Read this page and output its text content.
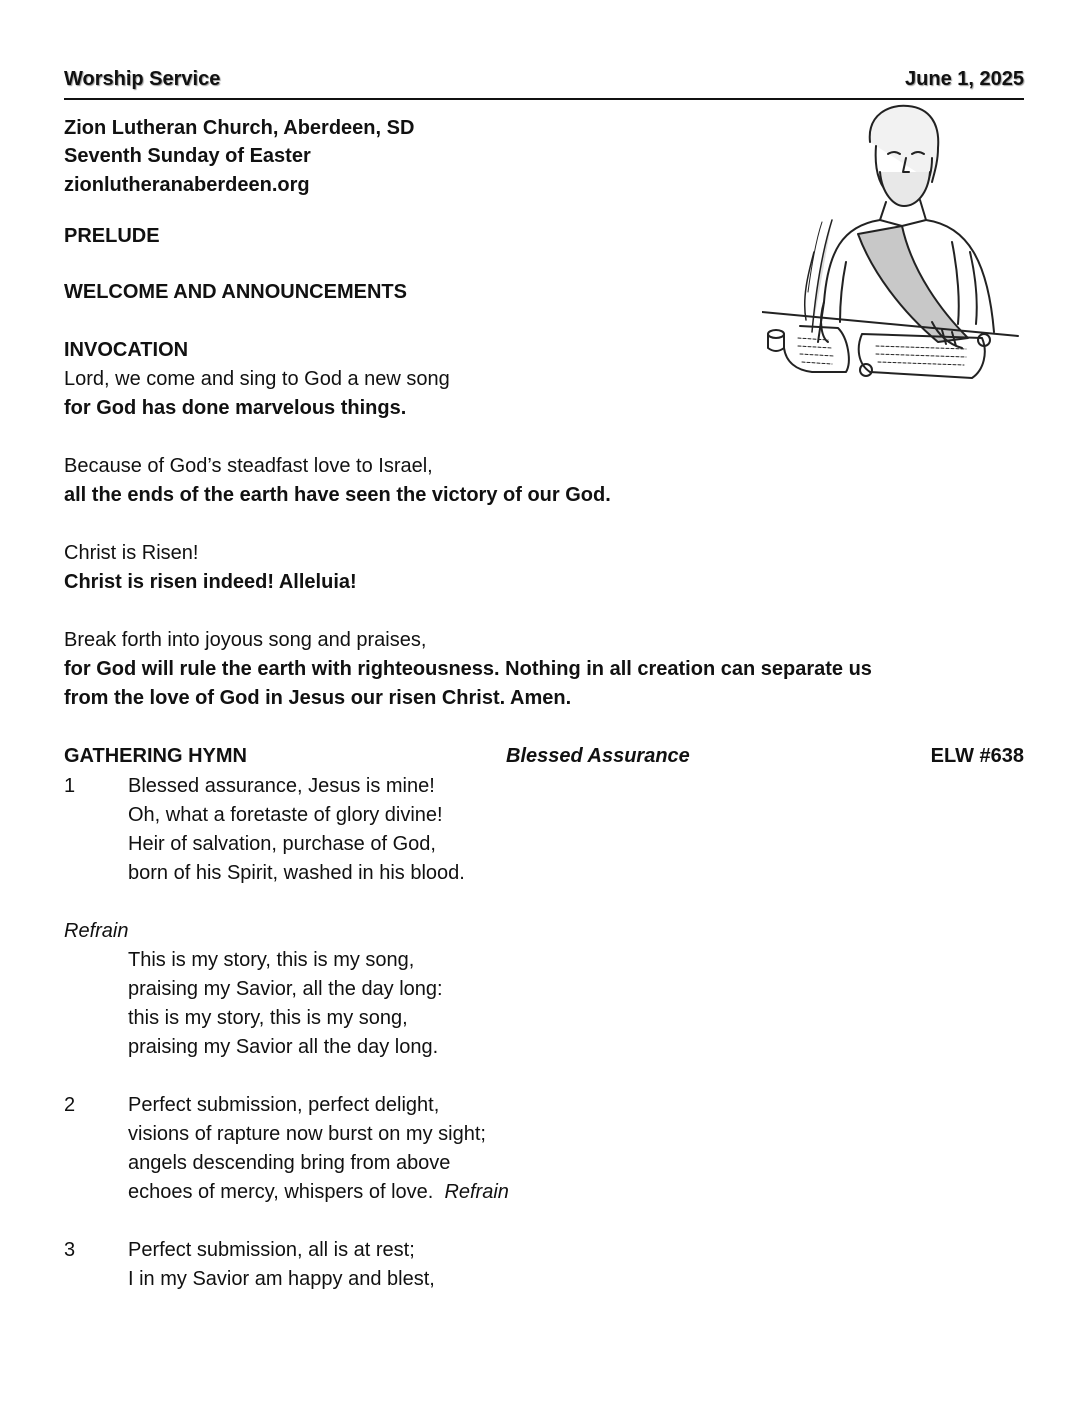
Worship Service	June 1, 2025
Zion Lutheran Church, Aberdeen, SD
Seventh Sunday of Easter
zionlutheranaberdeen.org
PRELUDE
WELCOME AND ANNOUNCEMENTS
INVOCATION
Lord, we come and sing to God a new song
for God has done marvelous things.
Because of God’s steadfast love to Israel,
all the ends of the earth have seen the victory of our God.
Christ is Risen!
Christ is risen indeed! Alleluia!
Break forth into joyous song and praises,
for God will rule the earth with righteousness. Nothing in all creation can separate us
from the love of God in Jesus our risen Christ. Amen.
GATHERING HYMN	Blessed Assurance	ELW #638
1	Blessed assurance, Jesus is mine!
Oh, what a foretaste of glory divine!
Heir of salvation, purchase of God,
born of his Spirit, washed in his blood.
Refrain
This is my story, this is my song,
praising my Savior, all the day long:
this is my story, this is my song,
praising my Savior all the day long.
2	Perfect submission, perfect delight,
visions of rapture now burst on my sight;
angels descending bring from above
echoes of mercy, whispers of love. Refrain
3	Perfect submission, all is at rest;
I in my Savior am happy and blest,
